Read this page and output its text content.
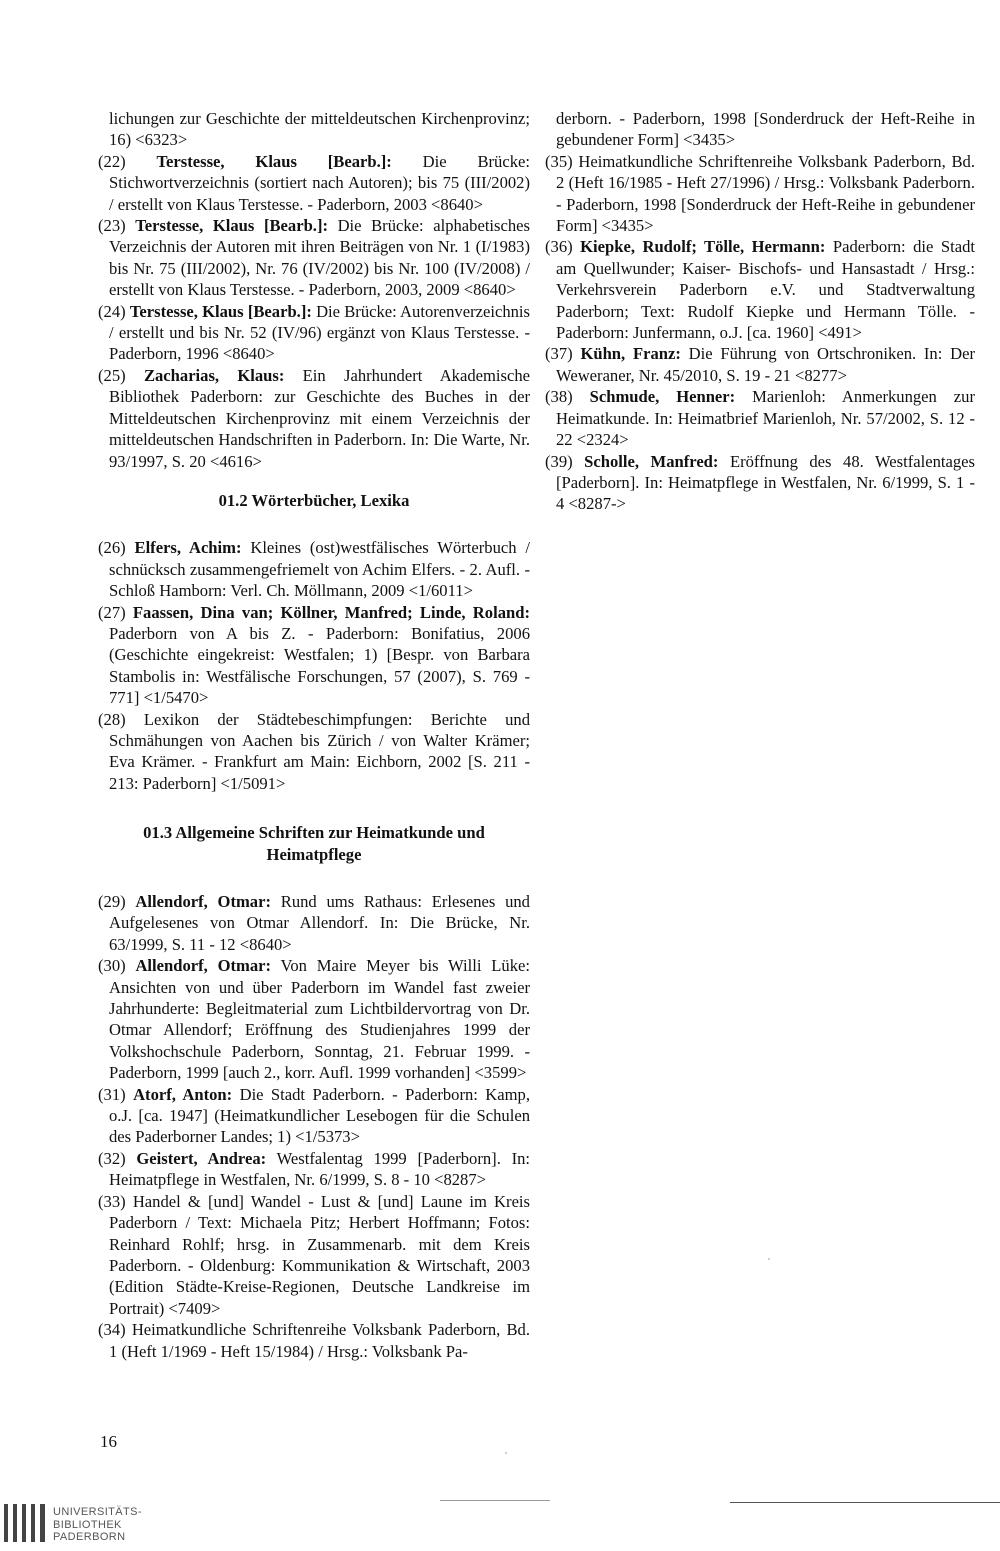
lichungen zur Geschichte der mitteldeutschen Kirchenprovinz; 16) <6323>

(22) Terstesse, Klaus [Bearb.]: Die Brücke: Stichwortverzeichnis (sortiert nach Autoren); bis 75 (III/2002) / erstellt von Klaus Terstesse. - Paderborn, 2003 <8640>

(23) Terstesse, Klaus [Bearb.]: Die Brücke: alphabetisches Verzeichnis der Autoren mit ihren Beiträgen von Nr. 1 (I/1983) bis Nr. 75 (III/2002), Nr. 76 (IV/2002) bis Nr. 100 (IV/2008) / erstellt von Klaus Terstesse. - Paderborn, 2003, 2009 <8640>

(24) Terstesse, Klaus [Bearb.]: Die Brücke: Autorenverzeichnis / erstellt und bis Nr. 52 (IV/96) ergänzt von Klaus Terstesse. - Paderborn, 1996 <8640>

(25) Zacharias, Klaus: Ein Jahrhundert Akademische Bibliothek Paderborn: zur Geschichte des Buches in der Mitteldeutschen Kirchenprovinz mit einem Verzeichnis der mitteldeutschen Handschriften in Paderborn. In: Die Warte, Nr. 93/1997, S. 20 <4616>

01.2 Wörterbücher, Lexika

(26) Elfers, Achim: Kleines (ost)westfälisches Wörterbuch / schnücksch zusammengefriemelt von Achim Elfers. - 2. Aufl. - Schloß Hamborn: Verl. Ch. Möllmann, 2009 <1/6011>

(27) Faassen, Dina van; Köllner, Manfred; Linde, Roland: Paderborn von A bis Z. - Paderborn: Bonifatius, 2006 (Geschichte eingekreist: Westfalen; 1) [Bespr. von Barbara Stambolis in: Westfälische Forschungen, 57 (2007), S. 769 - 771] <1/5470>

(28) Lexikon der Städtebeschimpfungen: Berichte und Schmähungen von Aachen bis Zürich / von Walter Krämer; Eva Krämer. - Frankfurt am Main: Eichborn, 2002 [S. 211 - 213: Paderborn] <1/5091>

01.3 Allgemeine Schriften zur Heimatkunde und
Heimatpflege

(29) Allendorf, Otmar: Rund ums Rathaus: Erlesenes und Aufgelesenes von Otmar Allendorf. In: Die Brücke, Nr. 63/1999, S. 11 - 12 <8640>

(30) Allendorf, Otmar: Von Maire Meyer bis Willi Lüke: Ansichten von und über Paderborn im Wandel fast zweier Jahrhunderte: Begleitmaterial zum Lichtbildervortrag von Dr. Otmar Allendorf; Eröffnung des Studienjahres 1999 der Volkshochschule Paderborn, Sonntag, 21. Februar 1999. - Paderborn, 1999 [auch 2., korr. Aufl. 1999 vorhanden] <3599>

(31) Atorf, Anton: Die Stadt Paderborn. - Paderborn: Kamp, o.J. [ca. 1947] (Heimatkundlicher Lesebogen für die Schulen des Paderborner Landes; 1) <1/5373>

(32) Geistert, Andrea: Westfalentag 1999 [Paderborn]. In: Heimatpflege in Westfalen, Nr. 6/1999, S. 8 - 10 <8287>

(33) Handel & [und] Wandel - Lust & [und] Laune im Kreis Paderborn / Text: Michaela Pitz; Herbert Hoffmann; Fotos: Reinhard Rohlf; hrsg. in Zusammenarb. mit dem Kreis Paderborn. - Oldenburg: Kommunikation & Wirtschaft, 2003 (Edition Städte-Kreise-Regionen, Deutsche Landkreise im Portrait) <7409>

(34) Heimatkundliche Schriftenreihe Volksbank Paderborn, Bd. 1 (Heft 1/1969 - Heft 15/1984) / Hrsg.: Volksbank Pa-

derborn. - Paderborn, 1998 [Sonderdruck der Heft-Reihe in gebundener Form] <3435>

(35) Heimatkundliche Schriftenreihe Volksbank Paderborn, Bd. 2 (Heft 16/1985 - Heft 27/1996) / Hrsg.: Volksbank Paderborn. - Paderborn, 1998 [Sonderdruck der Heft-Reihe in gebundener Form] <3435>

(36) Kiepke, Rudolf; Tölle, Hermann: Paderborn: die Stadt am Quellwunder; Kaiser- Bischofs- und Hansastadt / Hrsg.: Verkehrsverein Paderborn e.V. und Stadtverwaltung Paderborn; Text: Rudolf Kiepke und Hermann Tölle. - Paderborn: Junfermann, o.J. [ca. 1960] <491>

(37) Kühn, Franz: Die Führung von Ortschroniken. In: Der Weweraner, Nr. 45/2010, S. 19 - 21 <8277>

(38) Schmude, Henner: Marienloh: Anmerkungen zur Heimatkunde. In: Heimatbrief Marienloh, Nr. 57/2002, S. 12 - 22 <2324>

(39) Scholle, Manfred: Eröffnung des 48. Westfalentages [Paderborn]. In: Heimatpflege in Westfalen, Nr. 6/1999, S. 1 - 4 <8287->

16
UNIVERSITÄTS-
BIBLIOTHEK
PADERBORN
